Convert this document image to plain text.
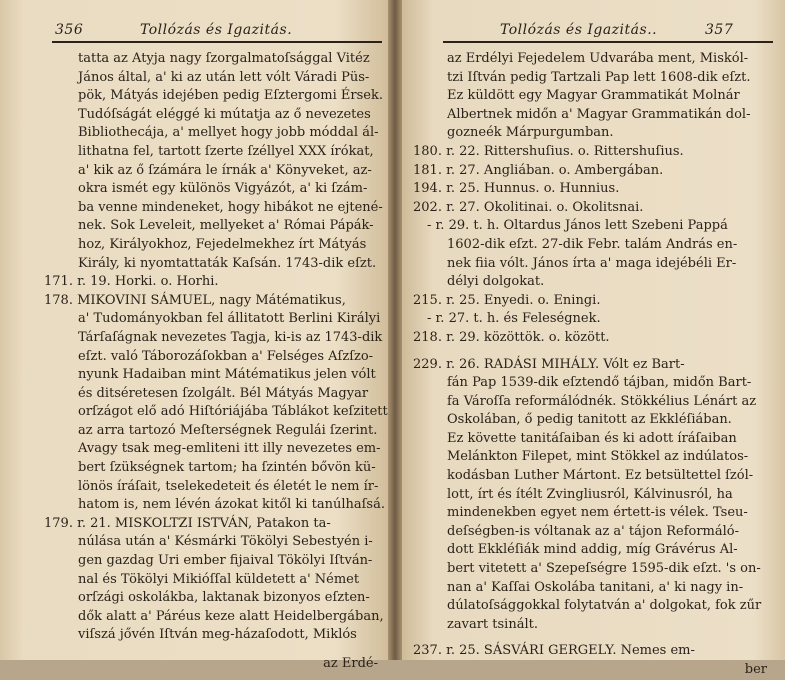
356	Tollózás és Igazitás.
tatta az Atyja nagy ſzorgalmatoſsággal Vitéz
János által, a' ki az után lett vólt Váradi Püs-
pök, Mátyás idejében pedig Eſztergomi Érsek.
Tudóſságát eléggé ki mútatja az ő nevezetes
Bibliothecája, a' mellyet hogy jobb móddal ál-
lithatna fel, tartott ſzerte ſzéllyel XXX írókat,
a' kik az ő ſzámára le írnák a' Könyveket, az-
okra ismét egy különös Vigyázót, a' ki ſzám-
ba venne mindeneket, hogy hibákot ne ejtené-
nek. Sok Leveleit, mellyeket a' Római Pápák-
hoz, Királyokhoz, Fejedelmekhez írt Mátyás
Király, ki nyomtattaták Kaſsán. 1743-dik eſzt.
171. r. 19. Horki. o. Horhi.
178. MIKOVINI SÁMUEL, nagy Mátématikus,
a' Tudományokban fel állitatott Berlini Királyi
Tárſaſágnak nevezetes Tagja, ki-is az 1743-dik
eſzt. való Táborozáſokban a' Felséges Aſzſzo-
nyunk Hadaiban mint Mátématikus jelen vólt
és ditséretesen ſzolgált. Bél Mátyás Magyar
orſzágot elő adó Hiſtóriájába Táblákot keſzitett
az arra tartozó Meſterségnek Regulái ſzerint.
Avagy tsak meg-emliteni itt illy nevezetes em-
bert ſzükségnek tartom; ha ſzintén bővön kü-
lönös íráſait, tselekedeteit és életét le nem ír-
hatom is, nem lévén ázokat kitől ki tanúlhaſsá.
179. r. 21. MISKOLTZI ISTVÁN, Patakon ta-
núlása után a' Késmárki Tökölyi Sebestyén i-
gen gazdag Uri ember fijaival Tökölyi Iſtván-
nal és Tökölyi Mikióſſal küldetett a' Német
orſzági oskolákba, laktanak bizonyos eſzten-
dők alatt a' Páréus keze alatt Heidelbergában,
viſszá jővén Iſtván meg-házaſodott, Miklós
az Erdé-
Tollózás és Igazitás..	357
az Erdélyi Fejedelem Udvarába ment, Miskól-
tzi Iſtván pedig Tartzali Pap lett 1608-dik eſzt.
Ez küldött egy Magyar Grammatikát Molnár
Albertnek midőn a' Magyar Grammatikán dol-
gozneék Márpurgumban.
180. r. 22. Rittershuſius. o. Rittershuſius.
181. r. 27. Angliában. o. Ambergában.
194. r. 25. Hunnus. o. Hunnius.
202. r. 27. Okolitinai. o. Okolitsnai.
- r. 29. t. h. Oltardus János lett Szebeni Pappá
1602-dik eſzt. 27-dik Febr. talám András en-
nek fiia vólt. János írta a' maga idejébéli Er-
délyi dolgokat.
215. r. 25. Enyedi. o. Eningi.
- r. 27. t. h. és Feleségnek.
218. r. 29. közöttök. o. között.
229. r. 26. RADÁSI MIHÁLY. Vólt ez Bart-
fán Pap 1539-dik eſztendő tájban, midőn Bart-
fa Vároſſa reformálódnék. Stökkélius Lénárt az
Oskolában, ő pedig tanitott az Ekkléſiában.
Ez követte tanitáſaiban és ki adott íráſaiban
Melánkton Filepet, mint Stökkel az indúlatos-
kodásban Luther Mártont. Ez betsültettel ſzól-
lott, írt és ítélt Zvingliusról, Kálvinusról, ha
mindenekben egyet nem értett-is vélek. Tseu-
deſségben-is vóltanak az a' tájon Reformáló-
dott Ekkléſiák mind addig, míg Grávérus Al-
bert vitetett a' Szepeſségre 1595-dik eſzt. 's on-
nan a' Kaſſai Oskolába tanitani, a' ki nagy in-
dúlatoſsággokkal folytatván a' dolgokat, fok zűr
zavart tsinált.
237. r. 25. SÁSVÁRI GERGELY. Nemes em-
ber
